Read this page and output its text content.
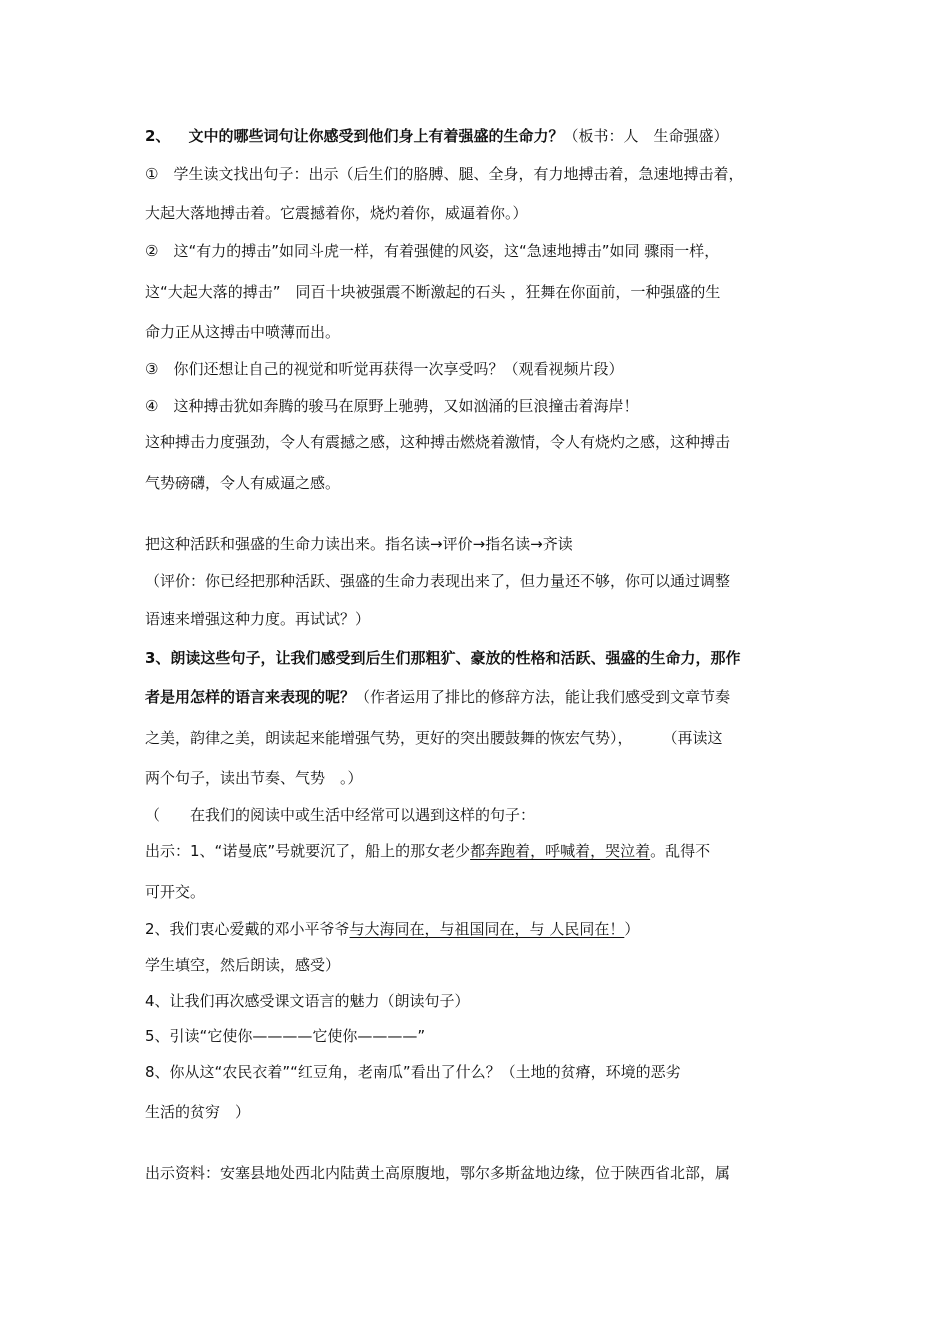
2、 文中的哪些词句让你感受到他们身上有着强盛的生命力？（板书：人　生命强盛）
①　学生读文找出句子：出示（后生们的胳膊、腿、全身，有力地搏击着，急速地搏击着，
大起大落地搏击着。它震撼着你，烧灼着你，威逼着你。）
②　这“有力的搏击”如同斗虎一样，有着强健的风姿，这“急速地搏击”如同 骤雨一样，
这“大起大落的搏击”　同百十块被强震不断激起的石头 ，狂舞在你面前，一种强盛的生
命力正从这搏击中喷薄而出。
③　你们还想让自己的视觉和听觉再获得一次享受吗？（观看视频片段）
④　这种搏击犹如奔腾的骏马在原野上驰骋，又如汹涌的巨浪撞击着海岸！
这种搏击力度强劲，令人有震撼之感，这种搏击燃烧着激情，令人有烧灼之感，这种搏击
气势磅礴，令人有威逼之感。
把这种活跃和强盛的生命力读出来。指名读→评价→指名读→齐读
（评价：你已经把那种活跃、强盛的生命力表现出来了，但力量还不够，你可以通过调整
语速来增强这种力度。再试试？）
3、朗读这些句子，让我们感受到后生们那粗犷、豪放的性格和活跃、强盛的生命力，那作
者是用怎样的语言来表现的呢？（作者运用了排比的修辞方法，能让我们感受到文章节奏
之美，韵律之美，朗读起来能增强气势，更好的突出腰鼓舞的恢宏气势）， （再读这
两个句子，读出节奏、气势　。）
（　　在我们的阅读中或生活中经常可以遇到这样的句子：
出示：1、“诺曼底”号就要沉了，船上的那女老少都奔跑着，呼喊着，哭泣着。乱得不
可开交。
2、我们衷心爱戴的邓小平爷爷与大海同在，与祖国同在，与 人民同在！）
学生填空，然后朗读，感受）
4、让我们再次感受课文语言的魅力（朗读句子）
5、引读“它使你————它使你————”
8、你从这“农民衣着”“红豆角，老南瓜”看出了什么？（土地的贫瘠，环境的恶劣
生活的贫穷　）
出示资料：安塞县地处西北内陆黄土高原腹地，鄂尔多斯盆地边缘，位于陕西省北部，属
